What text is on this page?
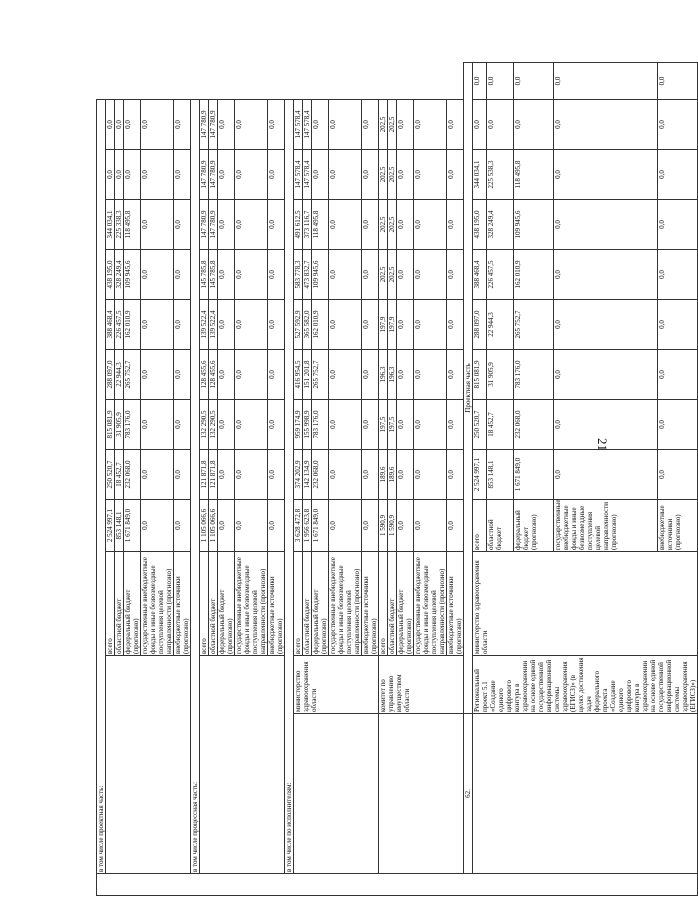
21
	в том числе проектная часть:												
			всего	2 524 997,1	250 520,7	815 081,9	288 097,0	388 468,4	438 195,0	344 034,1	0,0	0,0	
			областной бюджет	853 148,1	18 452,7	31 905,9	22 944,3	226 457,5	328 249,4	225 338,3	0,0	0,0	
			федеральный бюджет (прогнозно)	1 671 849,0	232 068,0	783 176,0	265 752,7	162 010,9	109 945,6	118 495,8	0,0	0,0	
			государственные внебюджетные фонды и иные безвозмездные поступления целевой направленности (прогнозно)	0,0	0,0	0,0	0,0	0,0	0,0	0,0	0,0	0,0	
			внебюджетные источники (прогнозно)	0,0	0,0	0,0	0,0	0,0	0,0	0,0	0,0	0,0	
	в том числе процессная часть:												
			всего	1 105 066,6	121 871,8	132 290,5	128 455,6	139 522,4	145 785,8	147 780,9	147 780,9	147 780,9	
			областной бюджет	1 105 066,6	121 871,8	132 290,5	128 455,6	139 522,4	145 785,8	147 780,9	147 780,9	147 780,9	
			федеральный бюджет (прогнозно)	0,0	0,0	0,0	0,0	0,0	0,0	0,0	0,0	0,0	
			государственные внебюджетные фонды и иные безвозмездные поступления целевой направленности (прогнозно)	0,0	0,0	0,0	0,0	0,0	0,0	0,0	0,0	0,0	
			внебюджетные источники (прогнозно)	0,0	0,0	0,0	0,0	0,0	0,0	0,0	0,0	0,0	
	в том числе по исполнителям:												
		министерство здравоохранения области	всего	3 628 472,8	374 202,9	959 174,9	416 954,5	527 592,9	583 778,3	491 612,5	147 578,4	147 578,4	
			областной бюджет	1 956 623,8	142 134,9	155 998,9	151 201,8	365 582,0	473 832,7	373 116,7	147 578,4	147 578,4	
			федеральный бюджет (прогнозно)	1 671 849,0	232 068,0	783 176,0	265 752,7	162 010,9	109 945,6	118 495,8	0,0	0,0	
			государственные внебюджетные фонды и иные безвозмездные поступления целевой направленности (прогнозно)	0,0	0,0	0,0	0,0	0,0	0,0	0,0	0,0	0,0	
			внебюджетные источники (прогнозно)	0,0	0,0	0,0	0,0	0,0	0,0	0,0	0,0	0,0	
		комитет по управлению имуществом области	всего	1 590,9	189,6	197,5	196,3	197,9	202,5	202,5	202,5	202,5	
			областной бюджет	1 590,9	189,6	197,5	196,3	197,9	202,5	202,5	202,5	202,5	
			федеральный бюджет (прогнозно)	0,0	0,0	0,0	0,0	0,0	0,0	0,0	0,0	0,0	
			государственные внебюджетные фонды и иные безвозмездные поступления целевой направленности (прогнозно)	0,0	0,0	0,0	0,0	0,0	0,0	0,0	0,0	0,0	
			внебюджетные источники (прогнозно)	0,0	0,0	0,0	0,0	0,0	0,0	0,0	0,0	0,0	
	62.	Проектная часть											
		Региональный проект 5.1 «Создание единого цифрового контура в здравоохранении на основе единой государственной информационной системы здравоохранения (ЕГИСЗ)» (в целях достижения задач федерального проекта «Создание единого цифрового контура в здравоохранении на основе единой государственной информационной системы здравоохранения (ЕГИСЗ)»)	министерство здравоохранения области	всего	2 524 997,1	250 520,7	815 081,9	288 097,0	388 468,4	438 195,0	344 034,1	0,0	0,0
				областной бюджет	853 148,1	18 452,7	31 905,9	22 944,3	226 457,5	328 249,4	225 538,3	0,0	0,0
				федеральный бюджет (прогнозно)	1 671 849,0	232 068,0	783 176,0	265 752,7	162 010,9	109 945,6	118 495,8	0,0	0,0
				государственные внебюджетные фонды и иные безвозмездные поступления целевой направленности (прогнозно)	0,0	0,0	0,0	0,0	0,0	0,0	0,0	0,0	0,0
				внебюджетные источники (прогнозно)	0,0	0,0	0,0	0,0	0,0	0,0	0,0	0,0	0,0
